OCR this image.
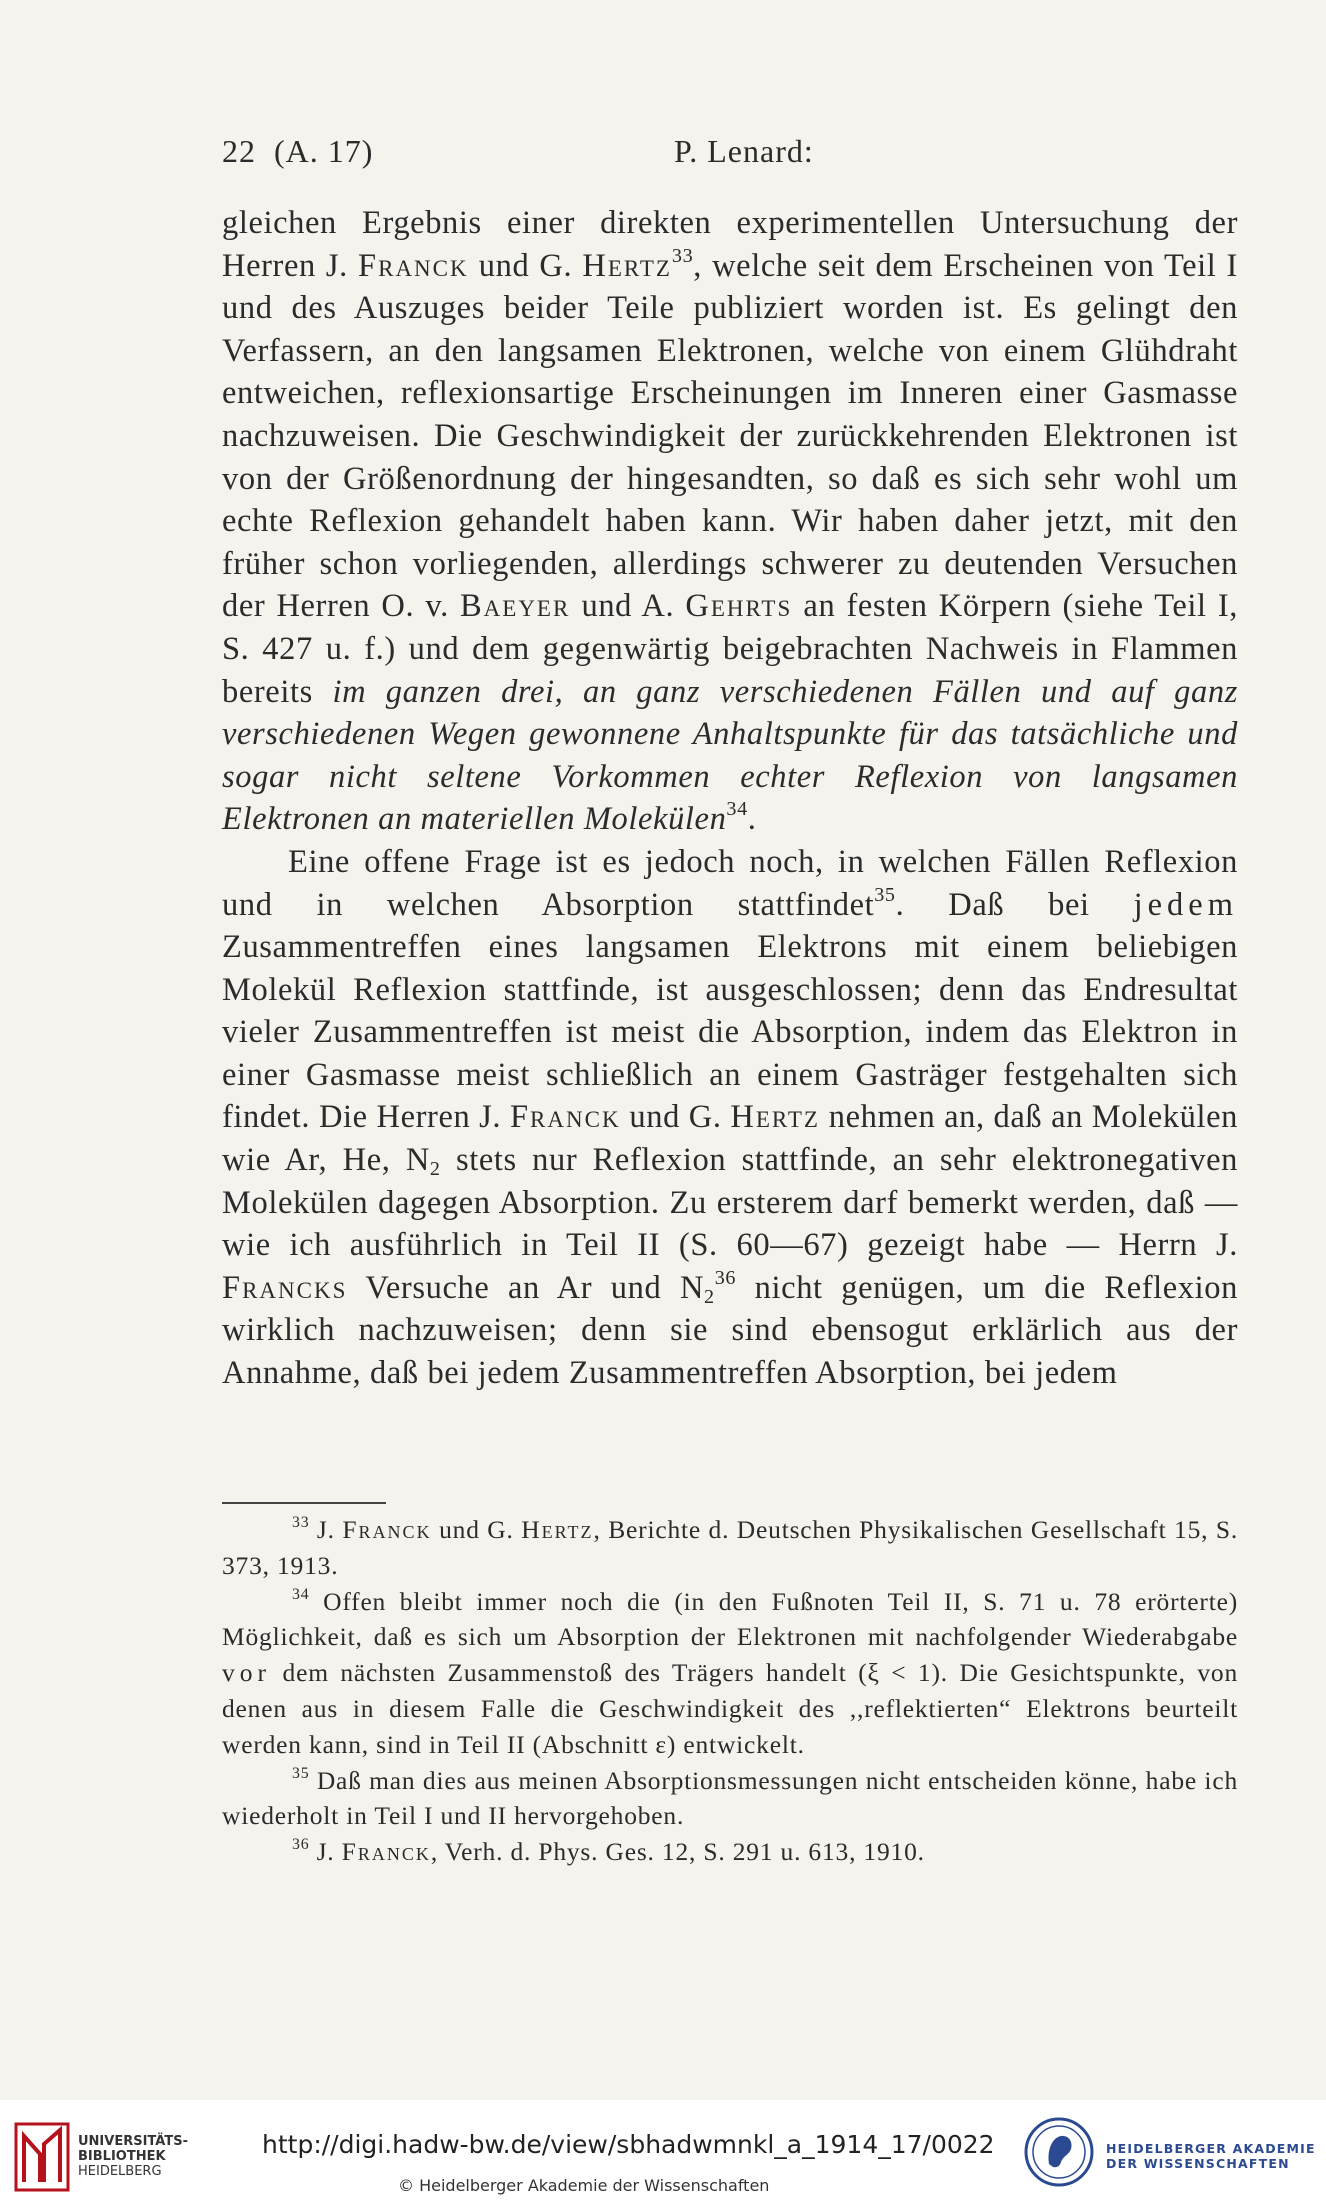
22 (A. 17)	P. Lenard:

gleichen Ergebnis einer direkten experimentellen Untersuchung der Herren J. Franck und G. Hertz$^{33}$, welche seit dem Erscheinen von Teil I und des Auszuges beider Teile publiziert worden ist. Es gelingt den Verfassern, an den langsamen Elektronen, welche von einem Glühdraht entweichen, reflexionsartige Erscheinungen im Inneren einer Gasmasse nachzuweisen. Die Geschwindigkeit der zurückkehrenden Elektronen ist von der Größenordnung der hingesandten, so daß es sich sehr wohl um echte Reflexion gehandelt haben kann. Wir haben daher jetzt, mit den früher schon vorliegenden, allerdings schwerer zu deutenden Versuchen der Herren O. v. Baeyer und A. Gehrts an festen Körpern (siehe Teil I, S. 427 u. f.) und dem gegenwärtig beigebrachten Nachweis in Flammen bereits im ganzen drei, an ganz verschiedenen Fällen und auf ganz verschiedenen Wegen gewonnene Anhaltspunkte für das tatsächliche und sogar nicht seltene Vorkommen echter Reflexion von langsamen Elektronen an materiellen Molekülen$^{34}$.

Eine offene Frage ist es jedoch noch, in welchen Fällen Reflexion und in welchen Absorption stattfindet$^{35}$. Daß bei jedem Zusammentreffen eines langsamen Elektrons mit einem beliebigen Molekül Reflexion stattfinde, ist ausgeschlossen; denn das Endresultat vieler Zusammentreffen ist meist die Absorption, indem das Elektron in einer Gasmasse meist schließlich an einem Gasträger festgehalten sich findet. Die Herren J. Franck und G. Hertz nehmen an, daß an Molekülen wie Ar, He, $N_2$ stets nur Reflexion stattfinde, an sehr elektronegativen Molekülen dagegen Absorption. Zu ersterem darf bemerkt werden, daß — wie ich ausführlich in Teil II (S. 60—67) gezeigt habe — Herrn J. Francks Versuche an Ar und $N_2^{36}$ nicht genügen, um die Reflexion wirklich nachzuweisen; denn sie sind ebensogut erklärlich aus der Annahme, daß bei jedem Zusammentreffen Absorption, bei jedem

$^{33}$ J. Franck und G. Hertz, Berichte d. Deutschen Physikalischen Gesellschaft 15, S. 373, 1913.

$^{34}$ Offen bleibt immer noch die (in den Fußnoten Teil II, S. 71 u. 78 erörterte) Möglichkeit, daß es sich um Absorption der Elektronen mit nachfolgender Wiederabgabe vor dem nächsten Zusammenstoß des Trägers handelt (ξ < 1). Die Gesichtspunkte, von denen aus in diesem Falle die Geschwindigkeit des ,,reflektierten“ Elektrons beurteilt werden kann, sind in Teil II (Abschnitt ε) entwickelt.

$^{35}$ Daß man dies aus meinen Absorptionsmessungen nicht entscheiden könne, habe ich wiederholt in Teil I und II hervorgehoben.

$^{36}$ J. Franck, Verh. d. Phys. Ges. 12, S. 291 u. 613, 1910.

UNIVERSITÄTS-
BIBLIOTHEK
HEIDELBERG
http://digi.hadw-bw.de/view/sbhadwmnkl_a_1914_17/0022
© Heidelberger Akademie der Wissenschaften
HEIDELBERGER AKADEMIE
DER WISSENSCHAFTEN
